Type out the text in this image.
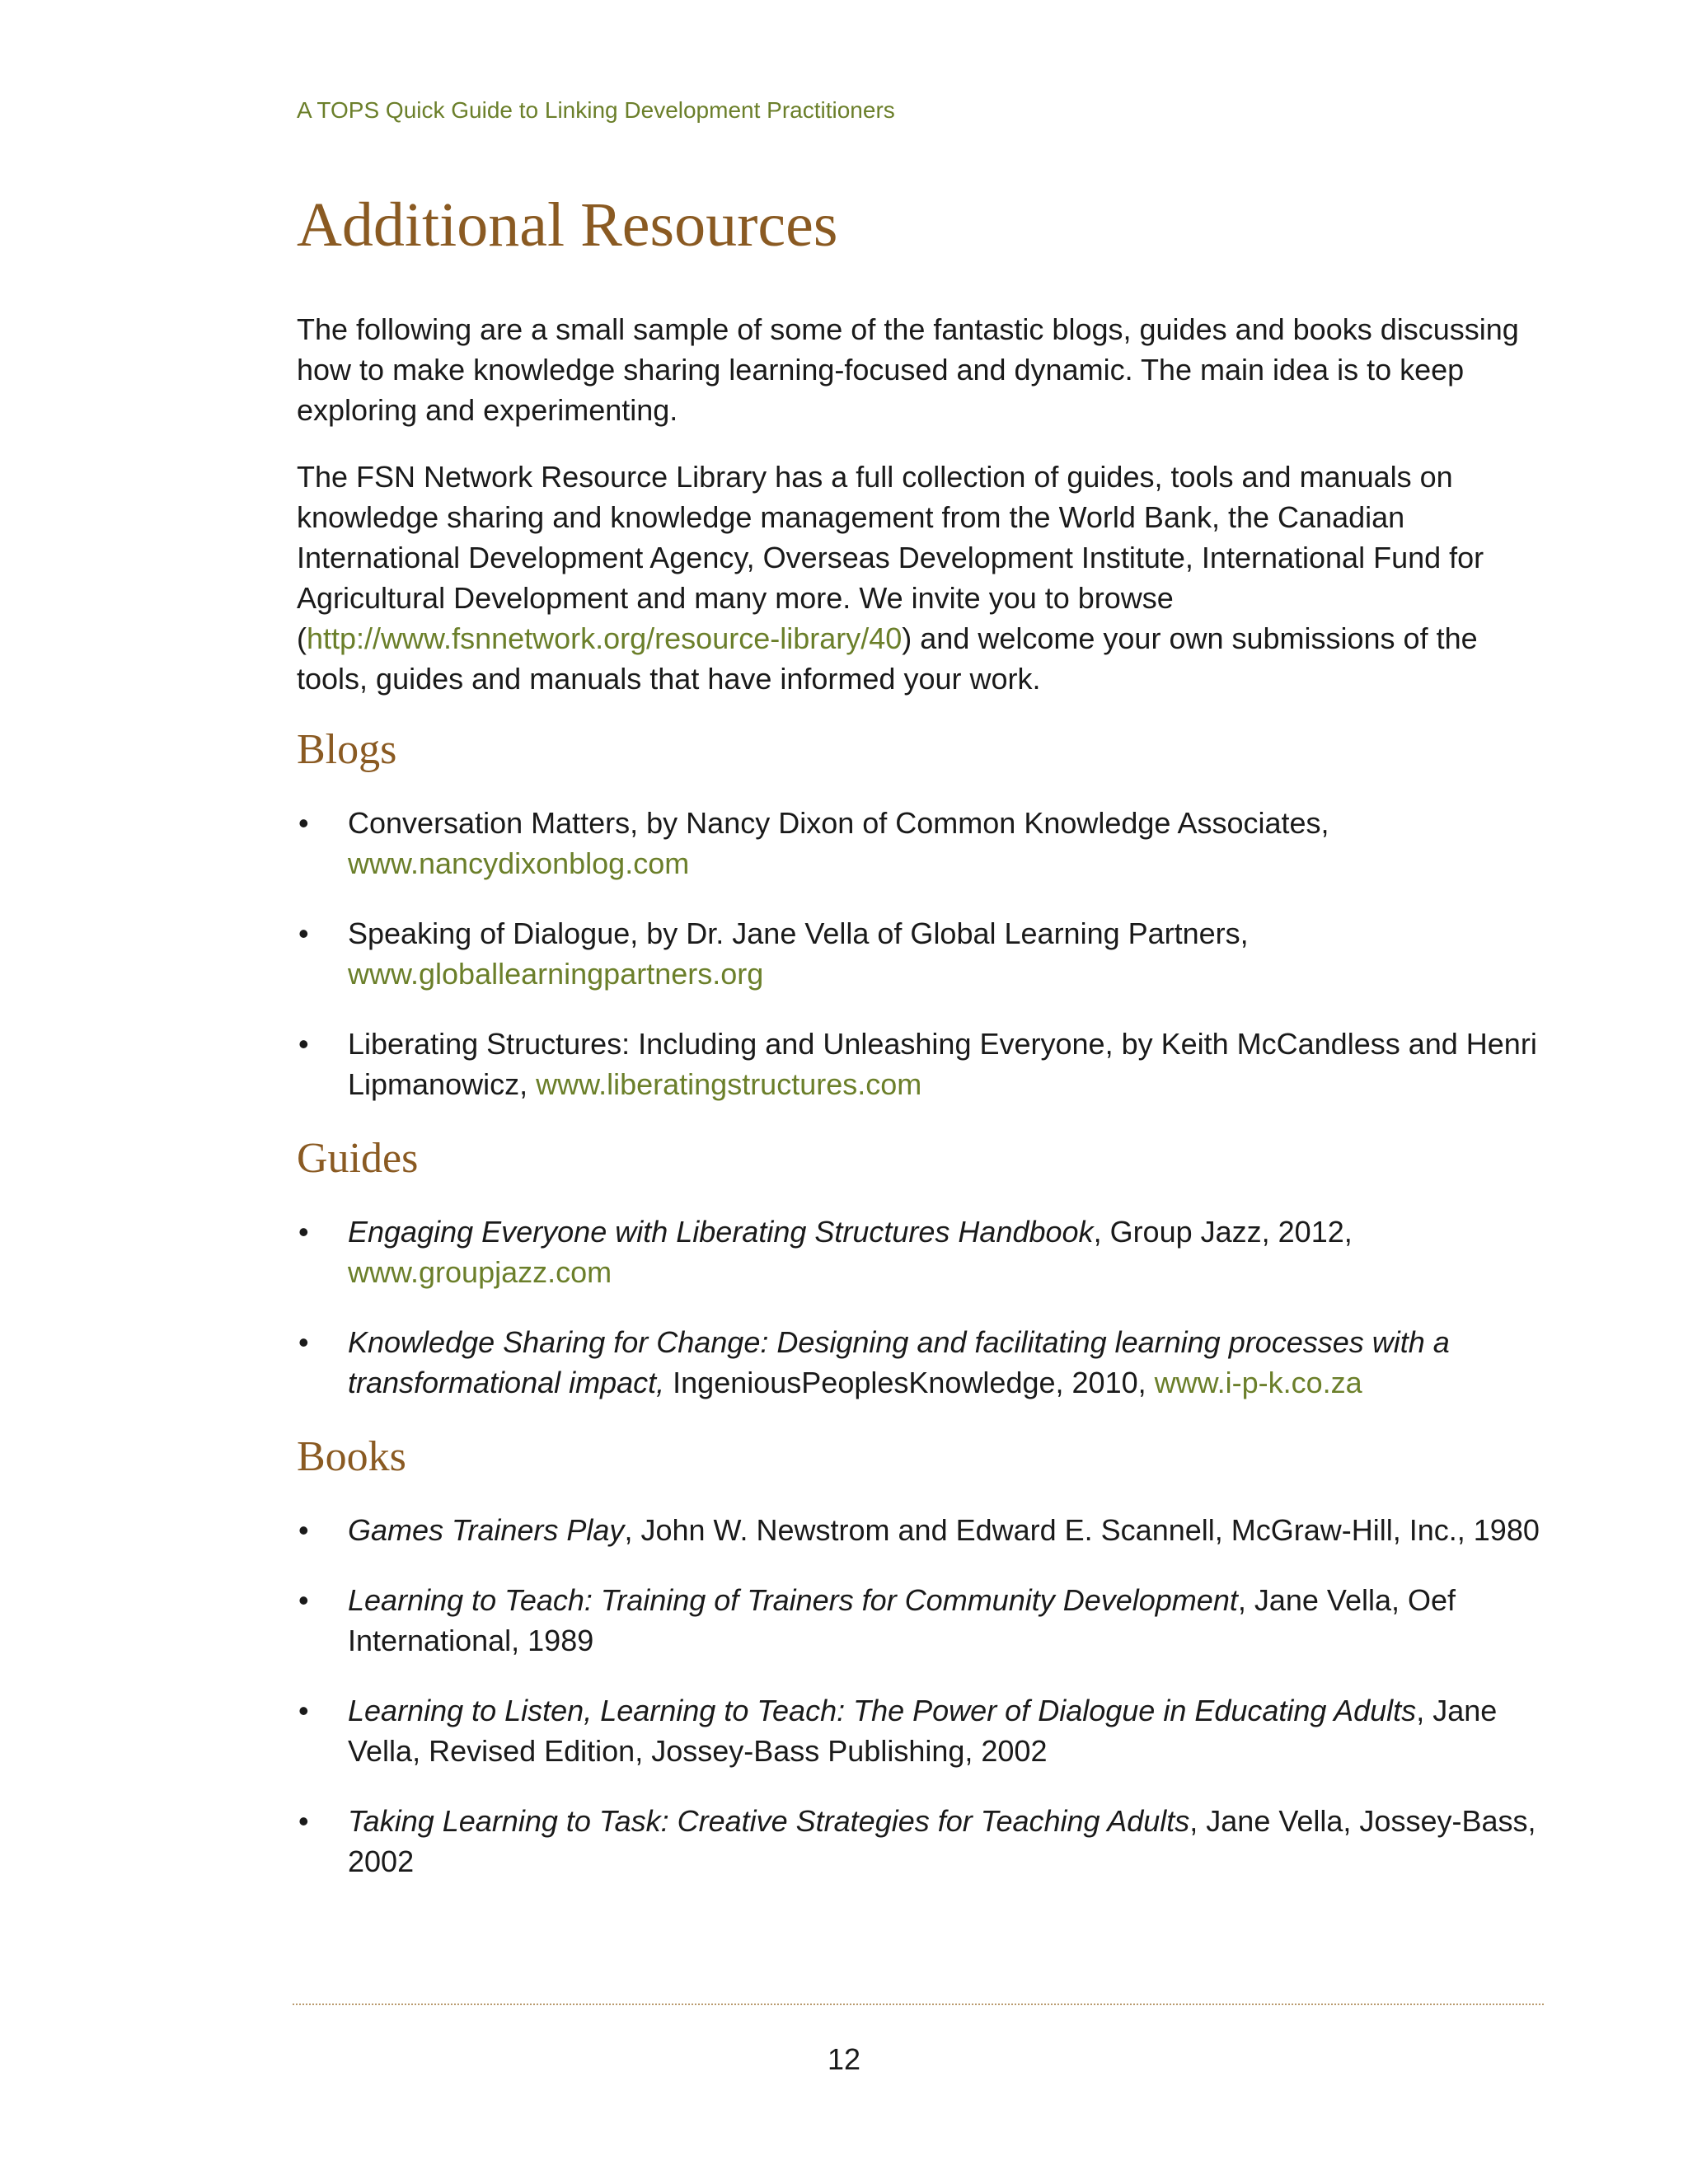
A TOPS Quick Guide to Linking Development Practitioners
Additional Resources

The following are a small sample of some of the fantastic blogs, guides and books discussing how to make knowledge sharing learning-focused and dynamic. The main idea is to keep exploring and experimenting.

The FSN Network Resource Library has a full collection of guides, tools and manuals on knowledge sharing and knowledge management from the World Bank, the Canadian International Development Agency, Overseas Development Institute, International Fund for Agricultural Development and many more. We invite you to browse (http://www.fsnnetwork.org/resource-library/40) and welcome your own submissions of the tools, guides and manuals that have informed your work.

Blogs
• Conversation Matters, by Nancy Dixon of Common Knowledge Associates, www.nancydixonblog.com
• Speaking of Dialogue, by Dr. Jane Vella of Global Learning Partners, www.globallearningpartners.org
• Liberating Structures: Including and Unleashing Everyone, by Keith McCandless and Henri Lipmanowicz, www.liberatingstructures.com
Guides
• Engaging Everyone with Liberating Structures Handbook, Group Jazz, 2012, www.groupjazz.com
• Knowledge Sharing for Change: Designing and facilitating learning processes with a transformational impact, IngeniousPeoplesKnowledge, 2010, www.i-p-k.co.za
Books
• Games Trainers Play, John W. Newstrom and Edward E. Scannell, McGraw-Hill, Inc., 1980
• Learning to Teach: Training of Trainers for Community Development, Jane Vella, Oef International, 1989
• Learning to Listen, Learning to Teach: The Power of Dialogue in Educating Adults, Jane Vella, Revised Edition, Jossey-Bass Publishing, 2002
• Taking Learning to Task: Creative Strategies for Teaching Adults, Jane Vella, Jossey-Bass, 2002
12
